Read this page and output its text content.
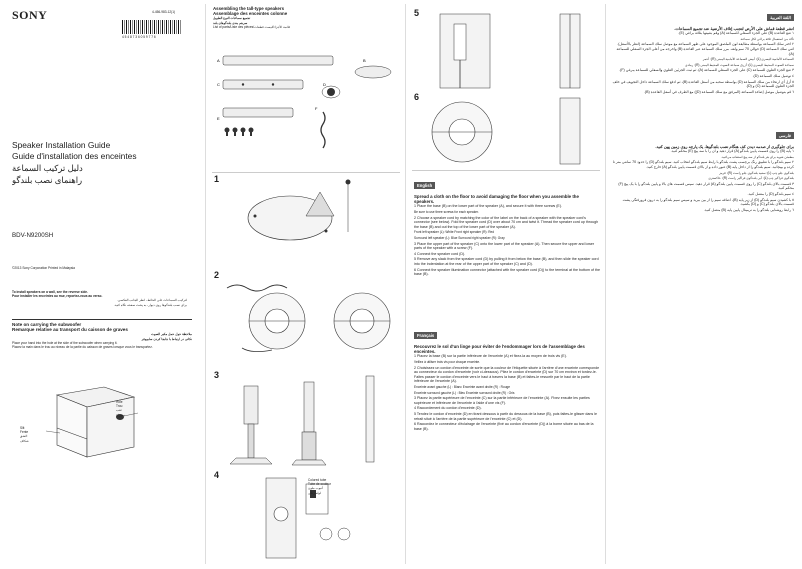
SONY	4-456-983-12(1)
4 5 4 8 7 3 6 0 5 9 7 7 6
Speaker Installation Guide
Guide d'installation des enceintes
دليل تركيب السماعة
راهنمای نصب بلندگو
BDV-N9200SH
©2013 Sony Corporation Printed in Malaysia
To install speakers on a wall, see the reverse side.
Pour installer les enceintes au mur, reportez-vous au verso.
لتركيب السماعات على الحائط، انظر الجانب العكسي.
برای نصب بلندگوها روی دیوار، به پشت صفحه نگاه کنید.
Note on carrying the subwoofer
Remarque relative au transport du caisson de graves
ملاحظة حول حمل مكبر الصوت
نکاتی در ارتباط با جابجا کردن سابووفر
Place your hand into the hole at the side of the subwoofer when carrying it.
Placez la main dans le trou au niveau de la partie du caisson de graves lorsque vous le transportez.
Slit
Fente
الشق
شکاف
Hole
Trou
ثقب
سوراخ
Assembling the tall-type speakers
Assemblage des enceintes colonne
تجميع سماعات النوع الطويل
سرهم بندی بلندگوهای بلند
List of parts/Liste des pièces/قائمة الأجزاء/لیست قطعات
A	B
C	D
E
F
1
2
3
4	Colored tube
Tube de couleur
أنبوب ملون
لوله رنگی
5
6
English
Spread a cloth on the floor to avoid damaging the floor when you assemble the speakers.
1 Place the base (B) on the lower part of the speaker (A), and secure it with three screws (E).
Be sure to use three screws for each speaker.
2 Choose a speaker cord by matching the color of the label on the back of a speaker with the speaker cord's connector (see below). Fold the speaker cord (D) over about 70 cm and twist it. Thread the speaker cord up through the base (B) and out the top of the lower part of the speaker (A).
Front left speaker (L): White Front right speaker (R): Red
Surround left speaker (L): Blue Surround right speaker (R): Gray
3 Place the upper part of the speaker (C) onto the lower part of the speaker (A). Then secure the upper and lower parts of the speaker with a screw (F).
4 Connect the speaker cord (D).
5 Remove any slack from the speaker cord (D) by pulling it from below the base (B), and then slide the speaker cord into the indentation at the rear of the upper part of the speaker (C) and (D).
6 Connect the speaker illumination connector (attached with the speaker cord (D)) to the terminal at the bottom of the base (B).
Français
Recouvrez le sol d'un linge pour éviter de l'endommager lors de l'assemblage des enceintes.
1 Placez la base (B) sur la partie inférieure de l'enceinte (A) et fixez-la au moyen de trois vis (E).
Veillez à utiliser trois vis pour chaque enceinte.
2 Choisissez un cordon d'enceinte de sorte que la couleur de l'étiquette située à l'arrière d'une enceinte corresponde au connecteur du cordon d'enceinte (voir ci-dessous). Pliez le cordon d'enceinte (D) sur 70 cm environ et tordez-le. Faites passer le cordon d'enceinte vers le haut à travers la base (B) et faites-le ressortir par le haut de la partie inférieure de l'enceinte (A).
Enceinte avant gauche (L) : Blanc Enceinte avant droite (R) : Rouge
Enceinte surround gauche (L) : Bleu Enceinte surround droite (R) : Gris
3 Placez la partie supérieure de l'enceinte (C) sur la partie inférieure de l'enceinte (A). Fixez ensuite les parties supérieure et inférieure de l'enceinte à l'aide d'une vis (F).
4 Raccordement du cordon d'enceinte (D).
5 Tendez le cordon d'enceinte (D) en tirant dessous à partir du dessous de la base (B), puis faites-le glisser dans le retrait situé à l'arrière de la partie supérieure de l'enceinte (C) et (D).
6 Raccordez le connecteur d'éclairage de l'enceinte (fixé au cordon d'enceinte (D)) à la borne située au bas de la base (B).
اللغة العربية
انشر قطعة قماش على الأرض لتجنب إتلاف الأرضية عند تجميع السماعات.
١ ضع القاعدة (B) على الجزء السفلي للسماعة (A) وقم بتثبيتها بثلاثة براغي (E).
تأكد من استعمال ثلاثة براغي لكل سماعة.
٢ اختر سلك السماعة بواسطة مطابقة لون الملصق الموجود على ظهر السماعة مع موصل سلك السماعة (انظر بالأسفل). اثني سلك السماعة (D) حوالي 70 سم ولفه. مرر سلك السماعة عبر القاعدة (B) واخرجه من أعلى الجزء السفلي للسماعة (A).
السماعة الأمامية اليسرى (L): أبيض السماعة الأمامية اليمنى (R): أحمر
سماعة الصوت المحيط اليسرى (L): أزرق سماعة الصوت المحيط اليمنى (R): رمادي
٣ ضع الجزء العلوي للسماعة (C) على الجزء السفلي للسماعة (A). ثم ثبت الجزئين العلوي والسفلي للسماعة ببرغي (F).
٤ توصيل سلك السماعة (D).
٥ أزل أي ارتخاء من سلك السماعة (D) بواسطة سحبه من أسفل القاعدة (B)، ثم ادفع سلك السماعة داخل التجويف في خلف الجزء العلوي للسماعة (C) و (D).
٦ قم بتوصيل موصل إضاءة السماعة (المرفق مع سلك السماعة (D)) مع الطرف في أسفل القاعدة (B).
فارسی
برای جلوگیری از صدمه دیدن کف هنگام نصب بلندگوها، یک پارچه روی زمین پهن کنید.
١ پایه (B) را روی قسمت پایین بلندگو (A) قرار دهید و آن را با سه پیچ (E) محکم کنید.
مطمئن شوید برای هر بلندگو از سه پیچ استفاده می‌کنید.
٢ سیم بلندگو را با تطبیق رنگ برچسب پشت بلندگو با رابط سیم بلندگو انتخاب کنید. سیم بلندگو (D) را حدود 70 سانتی متر تا کرده و بپیچانید. سیم بلندگو را از داخل پایه (B) عبور داده و از بالای قسمت پایین بلندگو (A) خارج کنید.
بلندگوی جلو چپ (L): سفید بلندگوی جلو راست (R): قرمز
بلندگوی فراگیر چپ (L): آبی بلندگوی فراگیر راست (R): خاکستری
٣ قسمت بالای بلندگو (C) را روی قسمت پایین بلندگو (A) قرار دهید. سپس قسمت های بالا و پایین بلندگو را با یک پیچ (F) محکم کنید.
٤ سیم بلندگو (D) را متصل کنید.
٥ با کشیدن سیم بلندگو (D) از زیر پایه (B)، اضافه سیم را از بین ببرید و سپس سیم بلندگو را به درون فرورفتگی پشت قسمت بالای بلندگو (C) و (D) بکشید.
٦ رابط روشنایی بلندگو را به ترمینال پایین پایه (B) متصل کنید.
